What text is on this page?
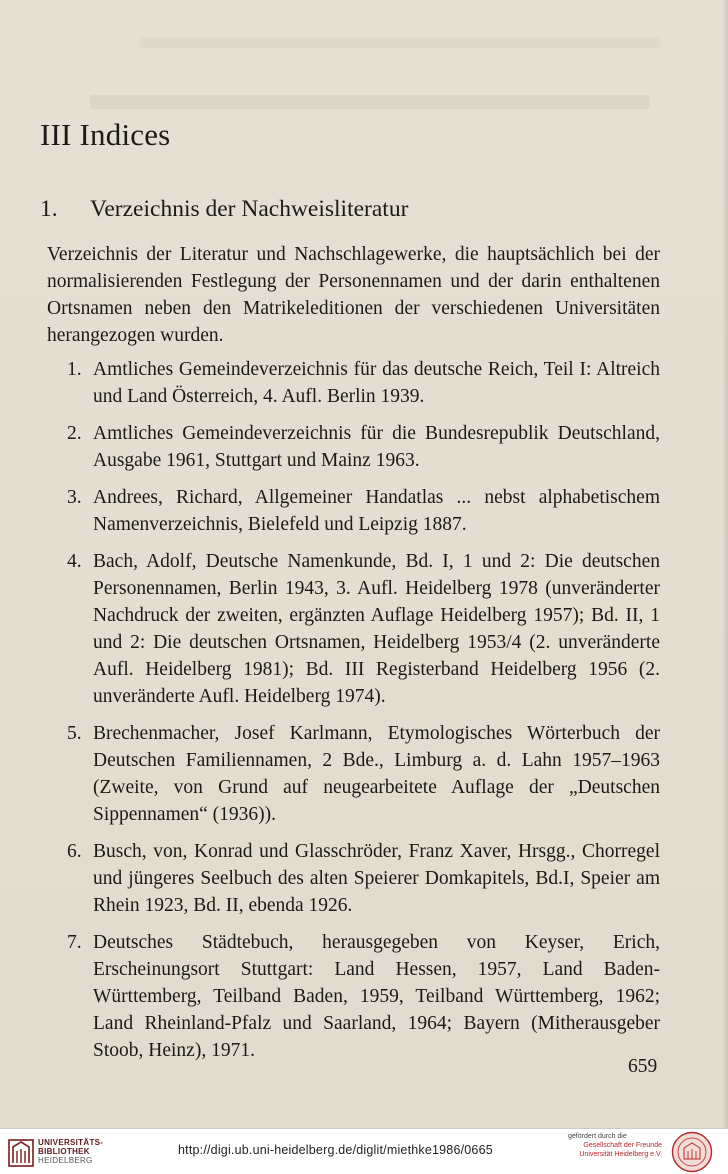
III Indices
1. Verzeichnis der Nachweisliteratur

Verzeichnis der Literatur und Nachschlagewerke, die hauptsächlich bei der normalisierenden Festlegung der Personennamen und der darin enthaltenen Ortsnamen neben den Matrikeleditionen der verschiedenen Universitäten herangezogen wurden.

1. Amtliches Gemeindeverzeichnis für das deutsche Reich, Teil I: Altreich und Land Österreich, 4. Aufl. Berlin 1939.
2. Amtliches Gemeindeverzeichnis für die Bundesrepublik Deutschland, Ausgabe 1961, Stuttgart und Mainz 1963.
3. Andrees, Richard, Allgemeiner Handatlas ... nebst alphabetischem Namenverzeichnis, Bielefeld und Leipzig 1887.
4. Bach, Adolf, Deutsche Namenkunde, Bd. I, 1 und 2: Die deutschen Personennamen, Berlin 1943, 3. Aufl. Heidelberg 1978 (unveränderter Nachdruck der zweiten, ergänzten Auflage Heidelberg 1957); Bd. II, 1 und 2: Die deutschen Ortsnamen, Heidelberg 1953/4 (2. unveränderte Aufl. Heidelberg 1981); Bd. III Registerband Heidelberg 1956 (2. unveränderte Aufl. Heidelberg 1974).
5. Brechenmacher, Josef Karlmann, Etymologisches Wörterbuch der Deutschen Familiennamen, 2 Bde., Limburg a. d. Lahn 1957–1963 (Zweite, von Grund auf neugearbeitete Auflage der „Deutschen Sippennamen“ (1936)).
6. Busch, von, Konrad und Glasschröder, Franz Xaver, Hrsgg., Chorregel und jüngeres Seelbuch des alten Speierer Domkapitels, Bd.I, Speier am Rhein 1923, Bd. II, ebenda 1926.
7. Deutsches Städtebuch, herausgegeben von Keyser, Erich, Erscheinungsort Stuttgart: Land Hessen, 1957, Land Baden-Württemberg, Teilband Baden, 1959, Teilband Württemberg, 1962; Land Rheinland-Pfalz und Saarland, 1964; Bayern (Mitherausgeber Stoob, Heinz), 1971.
659
UNIVERSITÄTS-
BIBLIOTHEK
HEIDELBERG
http://digi.ub.uni-heidelberg.de/diglit/miethke1986/0665
gefördert durch die
Gesellschaft der Freunde
Universität Heidelberg e.V.
